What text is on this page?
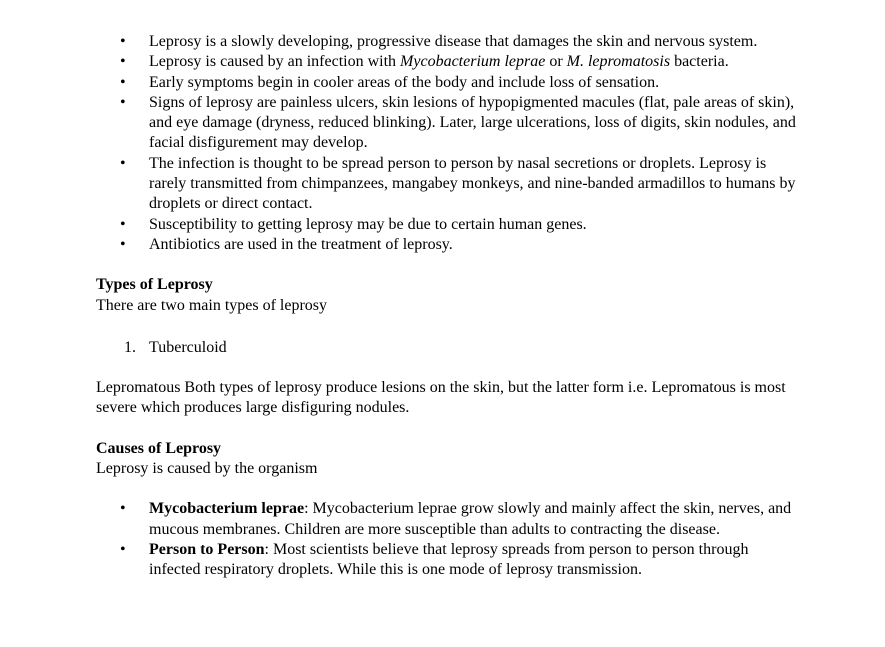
• Leprosy is a slowly developing, progressive disease that damages the skin and nervous system.
• Leprosy is caused by an infection with Mycobacterium leprae or M. lepromatosis bacteria.
• Early symptoms begin in cooler areas of the body and include loss of sensation.
• Signs of leprosy are painless ulcers, skin lesions of hypopigmented macules (flat, pale areas of skin), and eye damage (dryness, reduced blinking). Later, large ulcerations, loss of digits, skin nodules, and facial disfigurement may develop.
• The infection is thought to be spread person to person by nasal secretions or droplets. Leprosy is rarely transmitted from chimpanzees, mangabey monkeys, and nine-banded armadillos to humans by droplets or direct contact.
• Susceptibility to getting leprosy may be due to certain human genes.
• Antibiotics are used in the treatment of leprosy.

Types of Leprosy

There are two main types of leprosy

1. Tuberculoid

Lepromatous Both types of leprosy produce lesions on the skin, but the latter form i.e. Lepromatous is most severe which produces large disfiguring nodules.

Causes of Leprosy

Leprosy is caused by the organism

• Mycobacterium leprae: Mycobacterium leprae grow slowly and mainly affect the skin, nerves, and mucous membranes. Children are more susceptible than adults to contracting the disease.
• Person to Person: Most scientists believe that leprosy spreads from person to person through infected respiratory droplets. While this is one mode of leprosy transmission.
